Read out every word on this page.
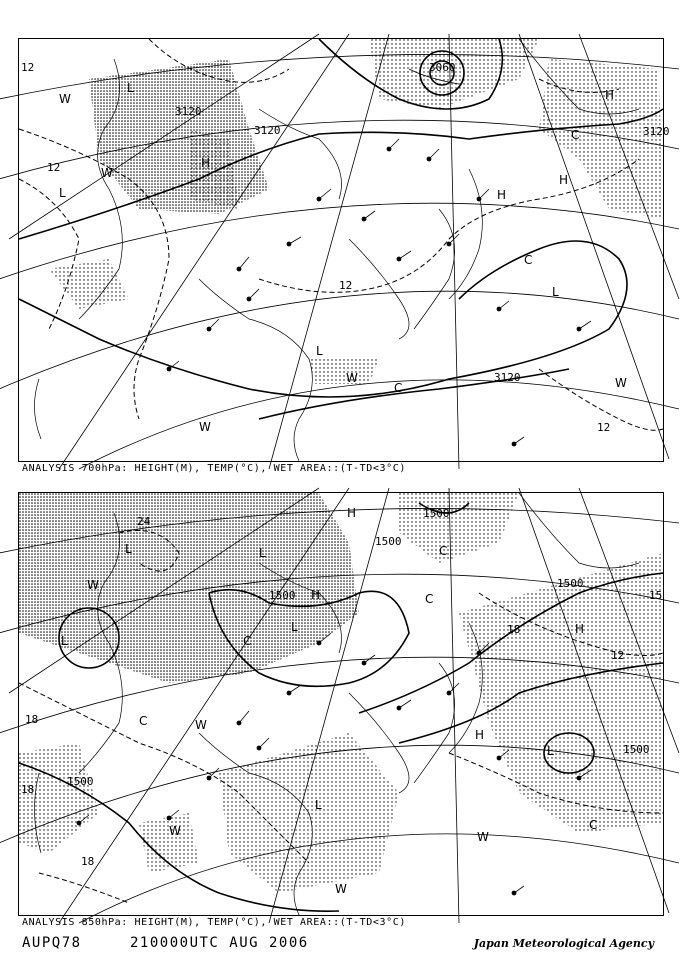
3120
3120
3060
3120
3120
12
12
12
12
L
H
L
L
L
W
W
W	W
W
C
C
C
H
H
H
ANALYSIS 700hPa: HEIGHT(M), TEMP(°C), WET AREA::(T-TD<3°C)
1500
1500
1500
1500
1500
1500
24
18
18
18
12
18
15
L
L
L
L
L
L
H
H
H
H
W
W
W	W
W
C
C
C
C
C
ANALYSIS 850hPa: HEIGHT(M), TEMP(°C), WET AREA::(T-TD<3°C)
AUPQ78	210000UTC AUG 2006	Japan Meteorological Agency
